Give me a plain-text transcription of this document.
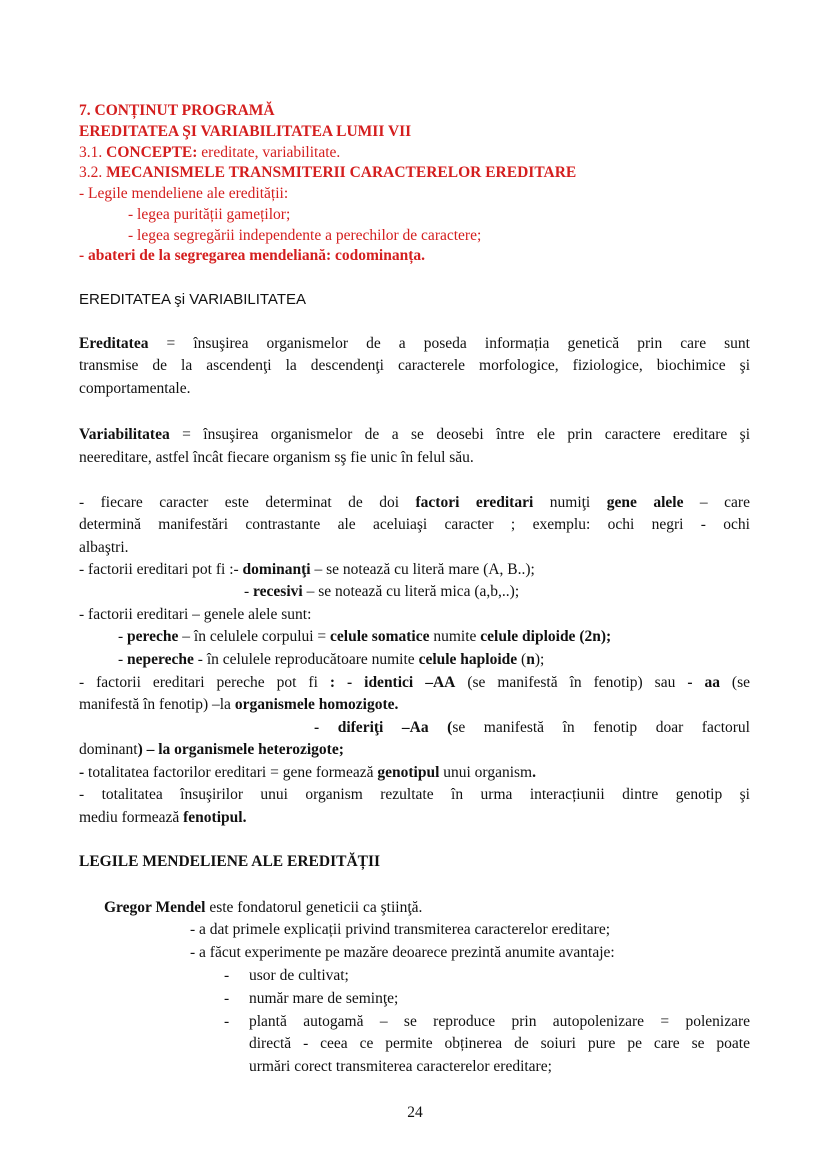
7. CONȚINUT PROGRAMĂ
EREDITATEA ŞI VARIABILITATEA LUMII VII
3.1. CONCEPTE: ereditate, variabilitate.
3.2. MECANISMELE TRANSMITERII CARACTERELOR EREDITARE
- Legile mendeliene ale eredității:
- legea purității gameților;
- legea segregării independente a perechilor de caractere;
- abateri de la segregarea mendeliană: codominanța.
EREDITATEA şi VARIABILITATEA
Ereditatea = însuşirea organismelor de a poseda informația genetică prin care sunt
transmise de la ascendenţi la descendenţi caracterele morfologice, fiziologice, biochimice şi
comportamentale.
Variabilitatea = însuşirea organismelor de a se deosebi între ele prin caractere ereditare şi
neereditare, astfel încât fiecare organism sş fie unic în felul său.
- fiecare caracter este determinat de doi factori ereditari numiţi gene alele – care
determină manifestări contrastante ale aceluiaşi caracter ; exemplu: ochi negri - ochi
albaştri.
- factorii ereditari pot fi :- dominanţi – se notează cu literă mare (A, B..);
- recesivi – se notează cu literă mica (a,b,..);
- factorii ereditari – genele alele sunt:
- pereche – în celulele corpului = celule somatice numite celule diploide (2n);
- nepereche - în celulele reproducătoare numite celule haploide (n);
- factorii ereditari pereche pot fi : - identici –AA (se manifestă în fenotip) sau - aa (se
manifestă în fenotip) –la organismele homozigote.
- diferiţi –Aa (se manifestă în fenotip doar factorul
dominant) – la organismele heterozigote;
- totalitatea factorilor ereditari = gene formează genotipul unui organism.
- totalitatea însuşirilor unui organism rezultate în urma interacțiunii dintre genotip şi
mediu formează fenotipul.
LEGILE MENDELIENE ALE EREDITĂȚII
Gregor Mendel este fondatorul geneticii ca ştiinţă.
- a dat primele explicații privind transmiterea caracterelor ereditare;
- a făcut experimente pe mazăre deoarece prezintă anumite avantaje:
- usor de cultivat;
- număr mare de seminţe;
- plantă autogamă – se reproduce prin autopolenizare = polenizare
directă - ceea ce permite obținerea de soiuri pure pe care se poate
urmări corect transmiterea caracterelor ereditare;
24
